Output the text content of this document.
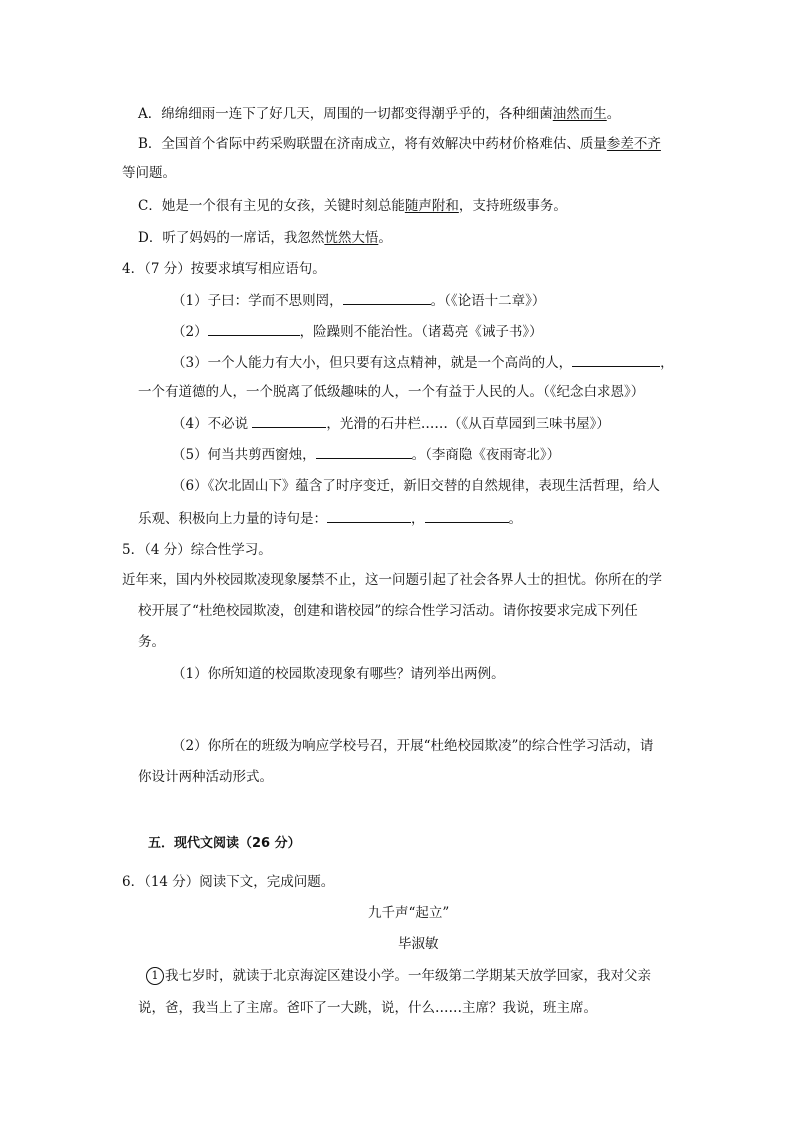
A．绵绵细雨一连下了好几天，周围的一切都变得潮乎乎的，各种细菌油然而生。
B．全国首个省际中药采购联盟在济南成立，将有效解决中药材价格难估、质量参差不齐
等问题。
C．她是一个很有主见的女孩，关键时刻总能随声附和，支持班级事务。
D．听了妈妈的一席话，我忽然恍然大悟。
4．（7 分）按要求填写相应语句。
（1）子曰：学而不思则罔，	。（《论语十二章》）
（2）	，险躁则不能治性。（诸葛亮《诫子书》）
（3）一个人能力有大小，但只要有这点精神，就是一个高尚的人，	，
一个有道德的人，一个脱离了低级趣味的人，一个有益于人民的人。（《纪念白求恩》）
（4）不必说	，光滑的石井栏……（《从百草园到三味书屋》）
（5）何当共剪西窗烛，	。（李商隐《夜雨寄北》）
（6）《次北固山下》蕴含了时序变迁，新旧交替的自然规律，表现生活哲理，给人
乐观、积极向上力量的诗句是：	，	。
5．（4 分）综合性学习。
近年来，国内外校园欺凌现象屡禁不止，这一问题引起了社会各界人士的担忧。你所在的学
校开展了“杜绝校园欺凌，创建和谐校园”的综合性学习活动。请你按要求完成下列任
务。
（1）你所知道的校园欺凌现象有哪些？请列举出两例。
（2）你所在的班级为响应学校号召，开展“杜绝校园欺凌”的综合性学习活动，请
你设计两种活动形式。
五．现代文阅读（26 分）
6．（14 分）阅读下文，完成问题。
九千声“起立”
毕淑敏
1 我七岁时，就读于北京海淀区建设小学。一年级第二学期某天放学回家，我对父亲
说，爸，我当上了主席。爸吓了一大跳，说，什么……主席？我说，班主席。
